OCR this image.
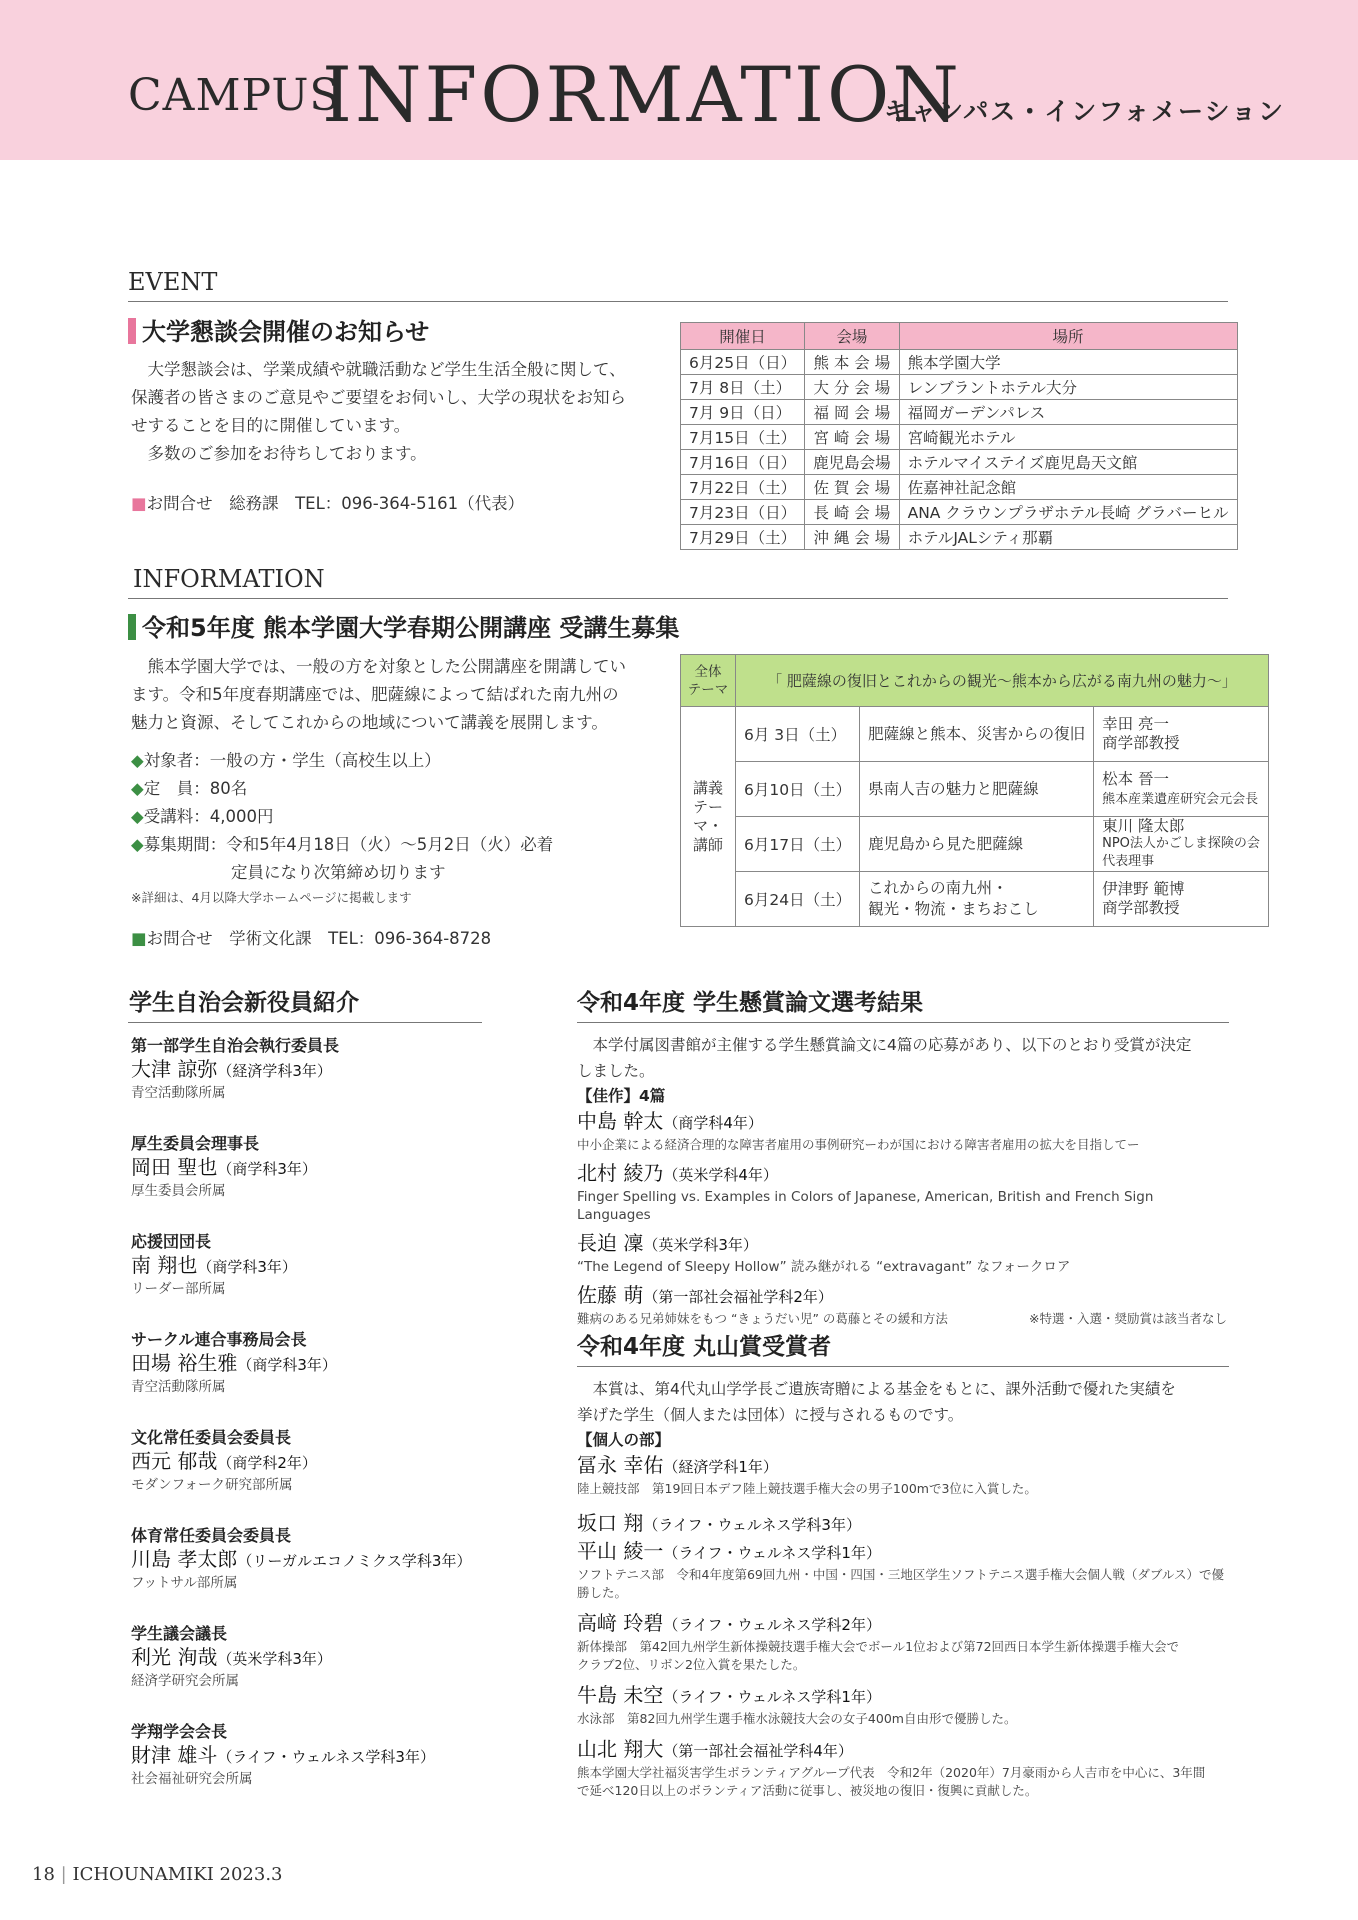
CAMPUS
INFORMATION
キャンパス・インフォメーション
EVENT
大学懇談会開催のお知らせ

大学懇談会は、学業成績や就職活動など学生生活全般に関して、

保護者の皆さまのご意見やご要望をお伺いし、大学の現状をお知ら

せすることを目的に開催しています。

多数のご参加をお待ちしております。

■お問合せ　総務課　TEL：096-364-5161（代表）

開催日	会場	場所
6月25日（日）	熊 本 会 場	熊本学園大学
7月 8日（土）	大 分 会 場	レンブラントホテル大分
7月 9日（日）	福 岡 会 場	福岡ガーデンパレス
7月15日（土）	宮 崎 会 場	宮崎観光ホテル
7月16日（日）	鹿児島会場	ホテルマイステイズ鹿児島天文館
7月22日（土）	佐 賀 会 場	佐嘉神社記念館
7月23日（日）	長 崎 会 場	ANA クラウンプラザホテル長崎 グラバーヒル
7月29日（土）	沖 縄 会 場	ホテルJALシティ那覇
INFORMATION
令和5年度 熊本学園大学春期公開講座 受講生募集

熊本学園大学では、一般の方を対象とした公開講座を開講してい

ます。令和5年度春期講座では、肥薩線によって結ばれた南九州の

魅力と資源、そしてこれからの地域について講義を展開します。

◆対象者：一般の方・学生（高校生以上）

◆定　員：80名

◆受講料：4,000円

◆募集期間：令和5年4月18日（火）～5月2日（火）必着

定員になり次第締め切ります

※詳細は、4月以降大学ホームページに掲載します

■お問合せ　学術文化課　TEL：096-364-8728

全体
テーマ	「 肥薩線の復旧とこれからの観光～熊本から広がる南九州の魅力～」		
講義テーマ・講師	6月 3日（土）	肥薩線と熊本、災害からの復旧	幸田 亮一
商学部教授
	6月10日（土）	県南人吉の魅力と肥薩線	松本 晉一
熊本産業遺産研究会元会長
	6月17日（土）	鹿児島から見た肥薩線	東川 隆太郎
NPO法人かごしま探険の会
代表理事
	6月24日（土）	これからの南九州・
観光・物流・まちおこし	伊津野 範博
商学部教授
学生自治会新役員紹介
第一部学生自治会執行委員長
大津 諒弥（経済学科3年）
青空活動隊所属
厚生委員会理事長
岡田 聖也（商学科3年）
厚生委員会所属
応援団団長
南 翔也（商学科3年）
リーダー部所属
サークル連合事務局会長
田場 裕生雅（商学科3年）
青空活動隊所属
文化常任委員会委員長
西元 郁哉（商学科2年）
モダンフォーク研究部所属
体育常任委員会委員長
川島 孝太郎（リーガルエコノミクス学科3年）
フットサル部所属
学生議会議長
利光 洵哉（英米学科3年）
経済学研究会所属
学翔学会会長
財津 雄斗（ライフ・ウェルネス学科3年）
社会福祉研究会所属
令和4年度 学生懸賞論文選考結果

本学付属図書館が主催する学生懸賞論文に4篇の応募があり、以下のとおり受賞が決定

しました。

【佳作】4篇
中島 幹太（商学科4年）
中小企業による経済合理的な障害者雇用の事例研究ーわが国における障害者雇用の拡大を目指してー
北村 綾乃（英米学科4年）
Finger Spelling vs. Examples in Colors of Japanese, American, British and French Sign Languages
長迫 凜（英米学科3年）
“The Legend of Sleepy Hollow” 読み継がれる “extravagant” なフォークロア
佐藤 萌（第一部社会福祉学科2年）
難病のある兄弟姉妹をもつ “きょうだい児” の葛藤とその緩和方法	※特選・入選・奨励賞は該当者なし
令和4年度 丸山賞受賞者

本賞は、第4代丸山学学長ご遺族寄贈による基金をもとに、課外活動で優れた実績を

挙げた学生（個人または団体）に授与されるものです。

【個人の部】
冨永 幸佑（経済学科1年）
陸上競技部　第19回日本デフ陸上競技選手権大会の男子100mで3位に入賞した。
坂口 翔（ライフ・ウェルネス学科3年）
平山 綾一（ライフ・ウェルネス学科1年）
ソフトテニス部　令和4年度第69回九州・中国・四国・三地区学生ソフトテニス選手権大会個人戦（ダブルス）で優勝した。
高﨑 玲碧（ライフ・ウェルネス学科2年）
新体操部　第42回九州学生新体操競技選手権大会でボール1位および第72回西日本学生新体操選手権大会で
クラブ2位、リボン2位入賞を果たした。
牛島 未空（ライフ・ウェルネス学科1年）
水泳部　第82回九州学生選手権水泳競技大会の女子400m自由形で優勝した。
山北 翔大（第一部社会福祉学科4年）
熊本学園大学社福災害学生ボランティアグループ代表　令和2年（2020年）7月豪雨から人吉市を中心に、3年間
で延べ120日以上のボランティア活動に従事し、被災地の復旧・復興に貢献した。
18 | ICHOUNAMIKI 2023.3
